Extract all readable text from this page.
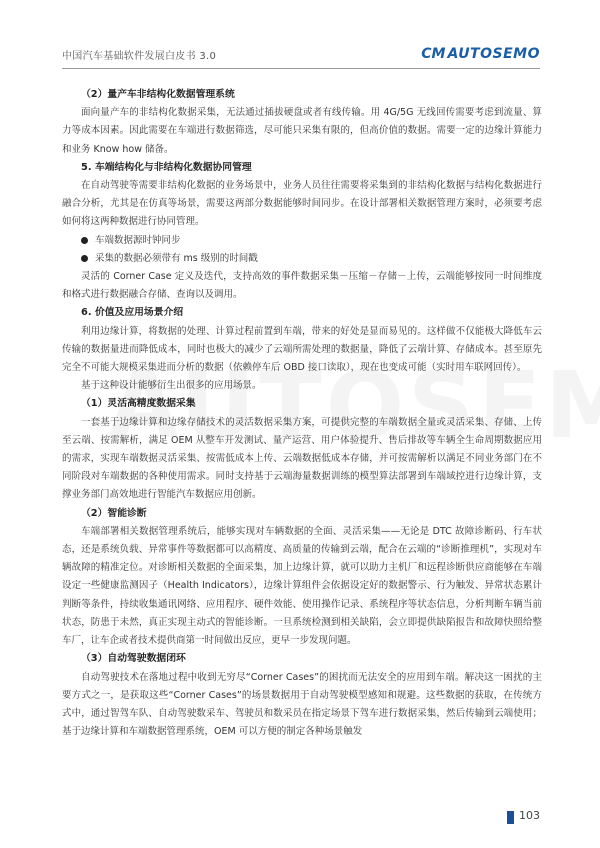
中国汽车基础软件发展白皮书 3.0	CM AUTOSEMO

（2）量产车非结构化数据管理系统

面向量产车的非结构化数据采集，无法通过插拔硬盘或者有线传输。用 4G/5G 无线回传需要考虑到流量、算力等成本因素。因此需要在车端进行数据筛选，尽可能只采集有限的，但高价值的数据。需要一定的边缘计算能力和业务 Know how 储备。

5. 车端结构化与非结构化数据协同管理

在自动驾驶等需要非结构化数据的业务场景中，业务人员往往需要将采集到的非结构化数据与结构化数据进行融合分析，尤其是在仿真等场景，需要这两部分数据能够时间同步。在设计部署相关数据管理方案时，必须要考虑如何将这两种数据进行协同管理。

车端数据源时钟同步
采集的数据必须带有 ms 级别的时间戳

灵活的 Corner Case 定义及迭代，支持高效的事件数据采集－压缩－存储－上传，云端能够按同一时间维度和格式进行数据融合存储、查询以及调用。

6. 价值及应用场景介绍

利用边缘计算，将数据的处理、计算过程前置到车端，带来的好处是显而易见的。这样做不仅能极大降低车云传输的数据量进而降低成本，同时也极大的减少了云端所需处理的数据量，降低了云端计算、存储成本。甚至原先完全不可能大规模采集进而分析的数据（依赖停车后 OBD 接口读取），现在也变成可能（实时用车联网回传）。

基于这种设计能够衍生出很多的应用场景。

（1）灵活高精度数据采集

一套基于边缘计算和边缘存储技术的灵活数据采集方案，可提供完整的车端数据全量或灵活采集、存储、上传至云端、按需解析，满足 OEM 从整车开发测试、量产运营、用户体验提升、售后排故等车辆全生命周期数据应用的需求，实现车端数据灵活采集、按需低成本上传、云端数据低成本存储，并可按需解析以满足不同业务部门在不同阶段对车端数据的各种使用需求。同时支持基于云端海量数据训练的模型算法部署到车端域控进行边缘计算，支撑业务部门高效地进行智能汽车数据应用创新。

（2）智能诊断

车端部署相关数据管理系统后，能够实现对车辆数据的全面、灵活采集——无论是 DTC 故障诊断码、行车状态，还是系统负载、异常事件等数据都可以高精度、高质量的传输到云端，配合在云端的“诊断推理机”，实现对车辆故障的精准定位。对诊断相关数据的全面采集，加上边缘计算，就可以助力主机厂和远程诊断供应商能够在车端设定一些健康监测因子（Health Indicators），边缘计算组件会依据设定好的数据警示、行为触发、异常状态累计判断等条件，持续收集通讯网络、应用程序、硬件效能、使用操作记录、系统程序等状态信息，分析判断车辆当前状态，防患于未然，真正实现主动式的智能诊断。一旦系统检测到相关缺陷，会立即提供缺陷报告和故障快照给整车厂，让车企或者技术提供商第一时间做出反应，更早一步发现问题。

（3）自动驾驶数据闭环

自动驾驶技术在落地过程中收到无穷尽“Corner Cases”的困扰而无法安全的应用到车端。解决这一困扰的主要方式之一，是获取这些“Corner Cases”的场景数据用于自动驾驶模型感知和规避。这些数据的获取，在传统方式中，通过智驾车队、自动驾驶数采车、驾驶员和数采员在指定场景下驾车进行数据采集，然后传输到云端使用；基于边缘计算和车端数据管理系统，OEM 可以方便的制定各种场景触发

103
